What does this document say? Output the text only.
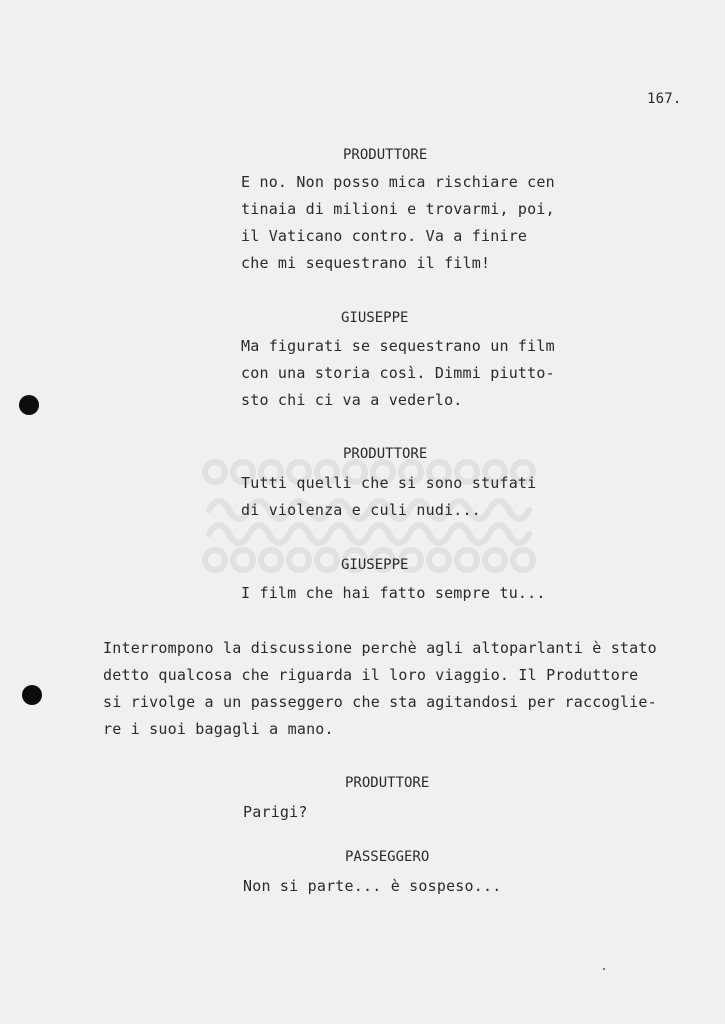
167.
PRODUTTORE
E no. Non posso mica rischiare cen
tinaia di milioni e trovarmi, poi,
il Vaticano contro. Va a finire
che mi sequestrano il film!
GIUSEPPE
Ma figurati se sequestrano un film
con una storia così. Dimmi piutto-
sto chi ci va a vederlo.
PRODUTTORE
Tutti quelli che si sono stufati
di violenza e culi nudi...
GIUSEPPE
I film che hai fatto sempre tu...
Interrompono la discussione perchè agli altoparlanti è stato
detto qualcosa che riguarda il loro viaggio. Il Produttore
si rivolge a un passeggero che sta agitandosi per raccoglie-
re i suoi bagagli a mano.
PRODUTTORE
Parigi?
PASSEGGERO
Non si parte... è sospeso...
